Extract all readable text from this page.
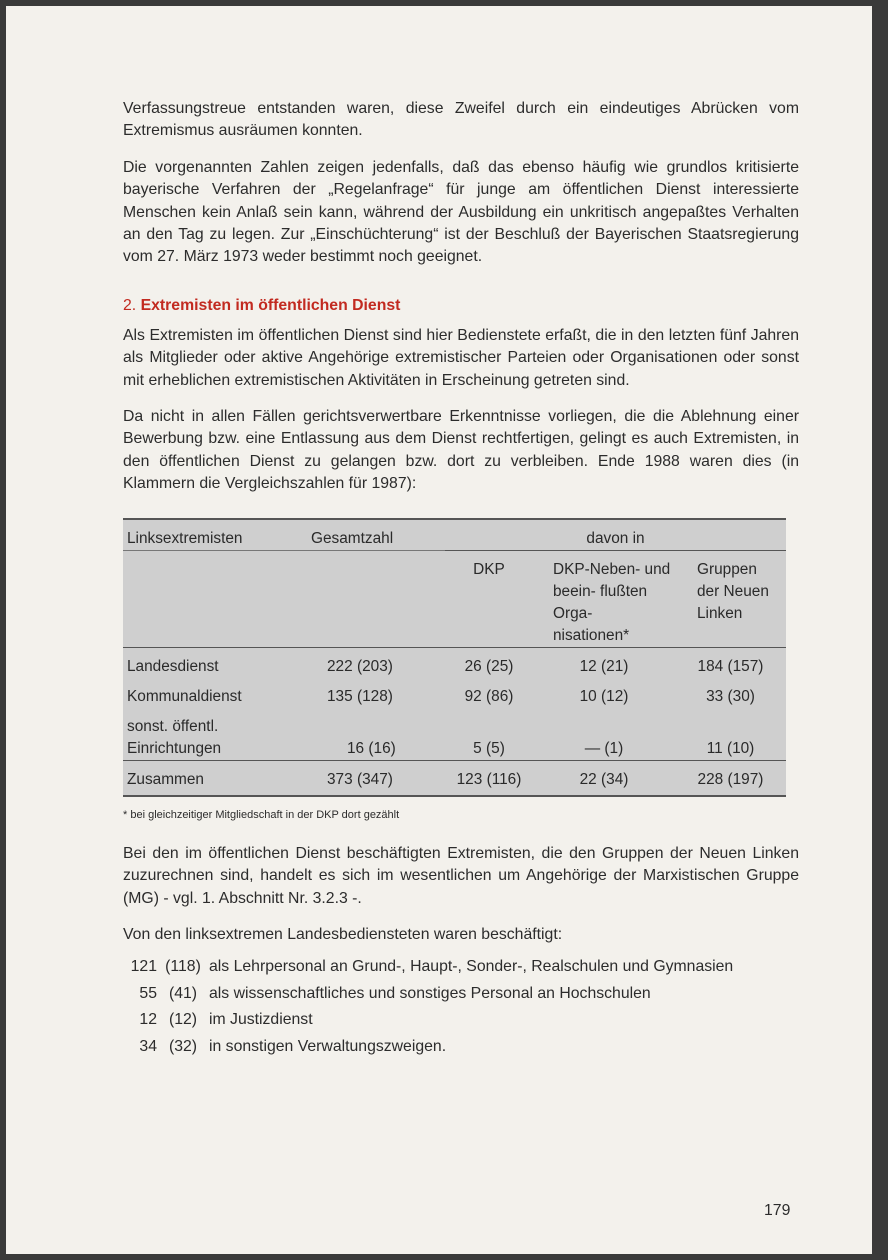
Verfassungstreue entstanden waren, diese Zweifel durch ein eindeutiges Abrücken vom Extremismus ausräumen konnten.

Die vorgenannten Zahlen zeigen jedenfalls, daß das ebenso häufig wie grundlos kritisierte bayerische Verfahren der „Regelanfrage“ für junge am öffentlichen Dienst interessierte Menschen kein Anlaß sein kann, während der Ausbildung ein unkritisch angepaßtes Verhalten an den Tag zu legen. Zur „Einschüchterung“ ist der Beschluß der Bayerischen Staatsregierung vom 27. März 1973 weder bestimmt noch geeignet.

2. Extremisten im öffentlichen Dienst

Als Extremisten im öffentlichen Dienst sind hier Bedienstete erfaßt, die in den letzten fünf Jahren als Mitglieder oder aktive Angehörige extremistischer Parteien oder Organisationen oder sonst mit erheblichen extremistischen Aktivitäten in Erscheinung getreten sind.

Da nicht in allen Fällen gerichtsverwertbare Erkenntnisse vorliegen, die die Ablehnung einer Bewerbung bzw. eine Entlassung aus dem Dienst rechtfertigen, gelingt es auch Extremisten, in den öffentlichen Dienst zu gelangen bzw. dort zu verbleiben. Ende 1988 waren dies (in Klammern die Vergleichszahlen für 1987):

Linksextremisten	Gesamtzahl	davon in		
		DKP	DKP-Neben- und beein- flußten Orga- nisationen*	Gruppen der Neuen Linken
Landesdienst	222 (203)	26 (25)	12 (21)	184 (157)
Kommunaldienst	135 (128)	92 (86)	10 (12)	33 (30)
sonst. öffentl. Einrichtungen	16 (16)	5 (5)	— (1)	11 (10)
Zusammen	373 (347)	123 (116)	22 (34)	228 (197)
* bei gleichzeitiger Mitgliedschaft in der DKP dort gezählt

Bei den im öffentlichen Dienst beschäftigten Extremisten, die den Gruppen der Neuen Linken zuzurechnen sind, handelt es sich im wesentlichen um Angehörige der Marxistischen Gruppe (MG) - vgl. 1. Abschnitt Nr. 3.2.3 -.

Von den linksextremen Landesbediensteten waren beschäftigt:

121 (118) als Lehrpersonal an Grund-, Haupt-, Sonder-, Realschulen und Gymnasien
55 (41) als wissenschaftliches und sonstiges Personal an Hochschulen
12 (12) im Justizdienst
34 (32) in sonstigen Verwaltungszweigen.
179
